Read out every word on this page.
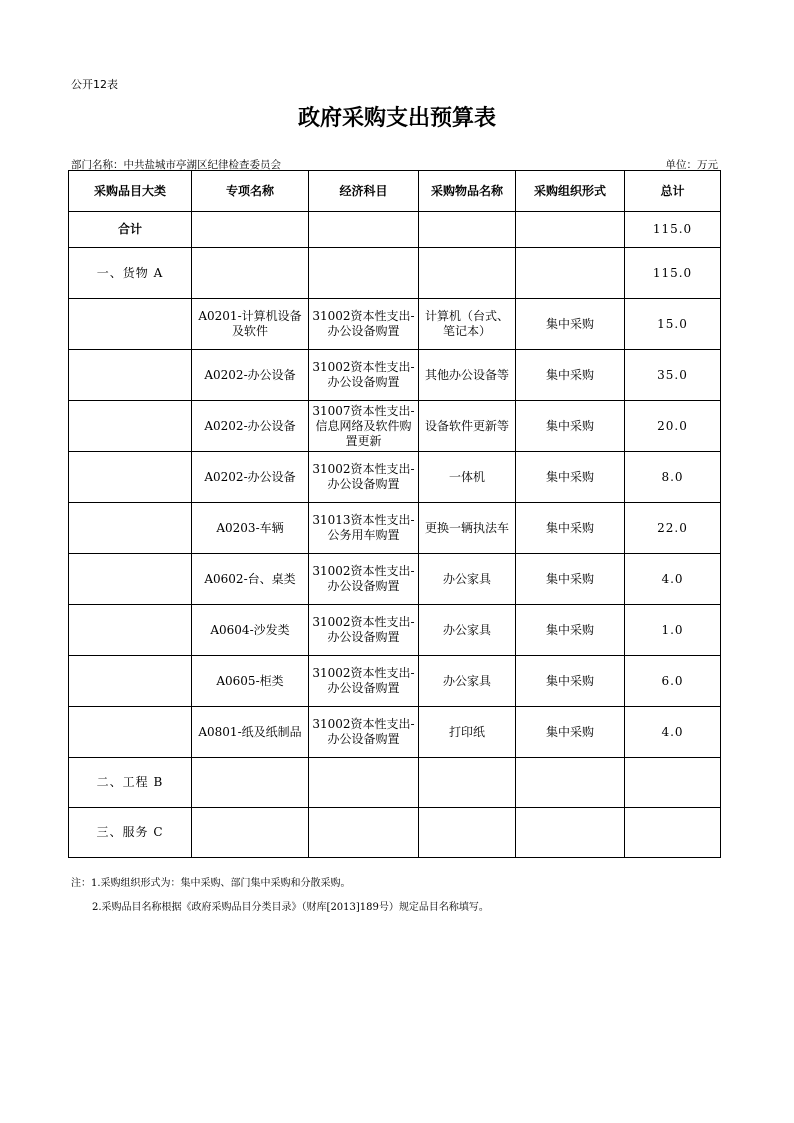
公开12表
政府采购支出预算表
部门名称：中共盐城市亭湖区纪律检查委员会	单位：万元
采购品目大类	专项名称	经济科目	采购物品名称	采购组织形式	总计
合计					115.0
一、货物 A					115.0
	A0201-计算机设备及软件	31002资本性支出-办公设备购置	计算机（台式、笔记本）	集中采购	15.0
	A0202-办公设备	31002资本性支出-办公设备购置	其他办公设备等	集中采购	35.0
	A0202-办公设备	31007资本性支出-信息网络及软件购置更新	设备软件更新等	集中采购	20.0
	A0202-办公设备	31002资本性支出-办公设备购置	一体机	集中采购	8.0
	A0203-车辆	31013资本性支出-公务用车购置	更换一辆执法车	集中采购	22.0
	A0602-台、桌类	31002资本性支出-办公设备购置	办公家具	集中采购	4.0
	A0604-沙发类	31002资本性支出-办公设备购置	办公家具	集中采购	1.0
	A0605-柜类	31002资本性支出-办公设备购置	办公家具	集中采购	6.0
	A0801-纸及纸制品	31002资本性支出-办公设备购置	打印纸	集中采购	4.0
二、工程 B					
三、服务 C					
注：1.采购组织形式为：集中采购、部门集中采购和分散采购。
2.采购品目名称根据《政府采购品目分类目录》（财库[2013]189号）规定品目名称填写。
